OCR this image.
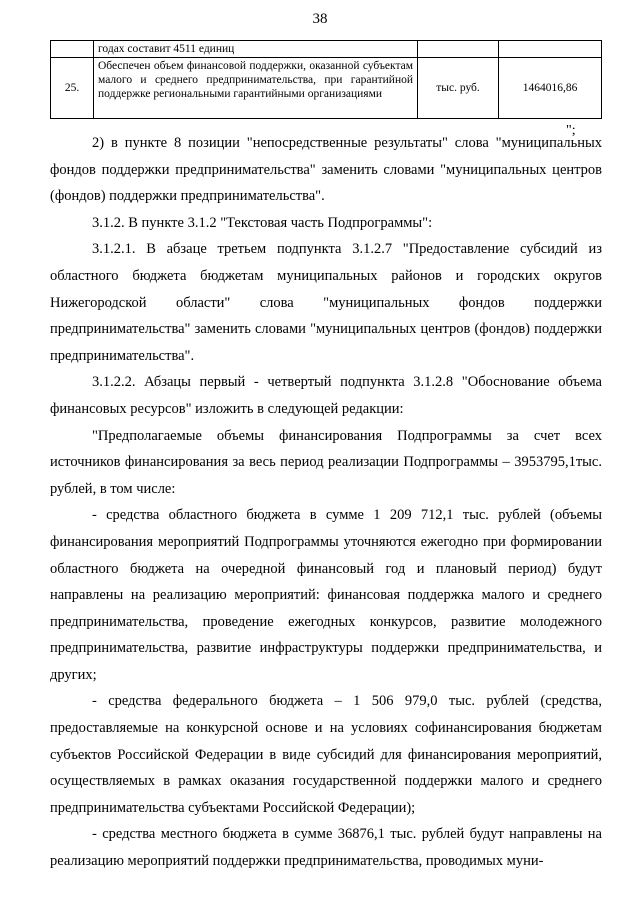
38
	годах составит 4511 единиц		
25.	Обеспечен объем финансовой поддержки, оказанной субъектам малого и среднего предпринимательства, при гарантийной поддержке региональными гарантийными организациями	тыс. руб.	1464016,86
";

2) в пункте 8 позиции "непосредственные результаты" слова "муниципальных фондов поддержки предпринимательства" заменить словами "муниципальных центров (фондов) поддержки предпринимательства".

3.1.2. В пункте 3.1.2 "Текстовая часть Подпрограммы":

3.1.2.1. В абзаце третьем подпункта 3.1.2.7 "Предоставление субсидий из областного бюджета бюджетам муниципальных районов и городских округов Нижегородской области" слова "муниципальных фондов поддержки предпринимательства" заменить словами "муниципальных центров (фондов) поддержки предпринимательства".

3.1.2.2. Абзацы первый - четвертый подпункта 3.1.2.8 "Обоснование объема финансовых ресурсов" изложить в следующей редакции:

"Предполагаемые объемы финансирования Подпрограммы за счет всех источников финансирования за весь период реализации Подпрограммы – 3953795,1тыс. рублей, в том числе:

- средства областного бюджета в сумме 1 209 712,1 тыс. рублей (объемы финансирования мероприятий Подпрограммы уточняются ежегодно при формировании областного бюджета на очередной финансовый год и плановый период) будут направлены на реализацию мероприятий: финансовая поддержка малого и среднего предпринимательства, проведение ежегодных конкурсов, развитие молодежного предпринимательства, развитие инфраструктуры поддержки предпринимательства, и других;

- средства федерального бюджета – 1 506 979,0 тыс. рублей (средства, предоставляемые на конкурсной основе и на условиях софинансирования бюджетам субъектов Российской Федерации в виде субсидий для финансирования мероприятий, осуществляемых в рамках оказания государственной поддержки малого и среднего предпринимательства субъектами Российской Федерации);

- средства местного бюджета в сумме 36876,1 тыс. рублей будут направлены на реализацию мероприятий поддержки предпринимательства, проводимых муни-
